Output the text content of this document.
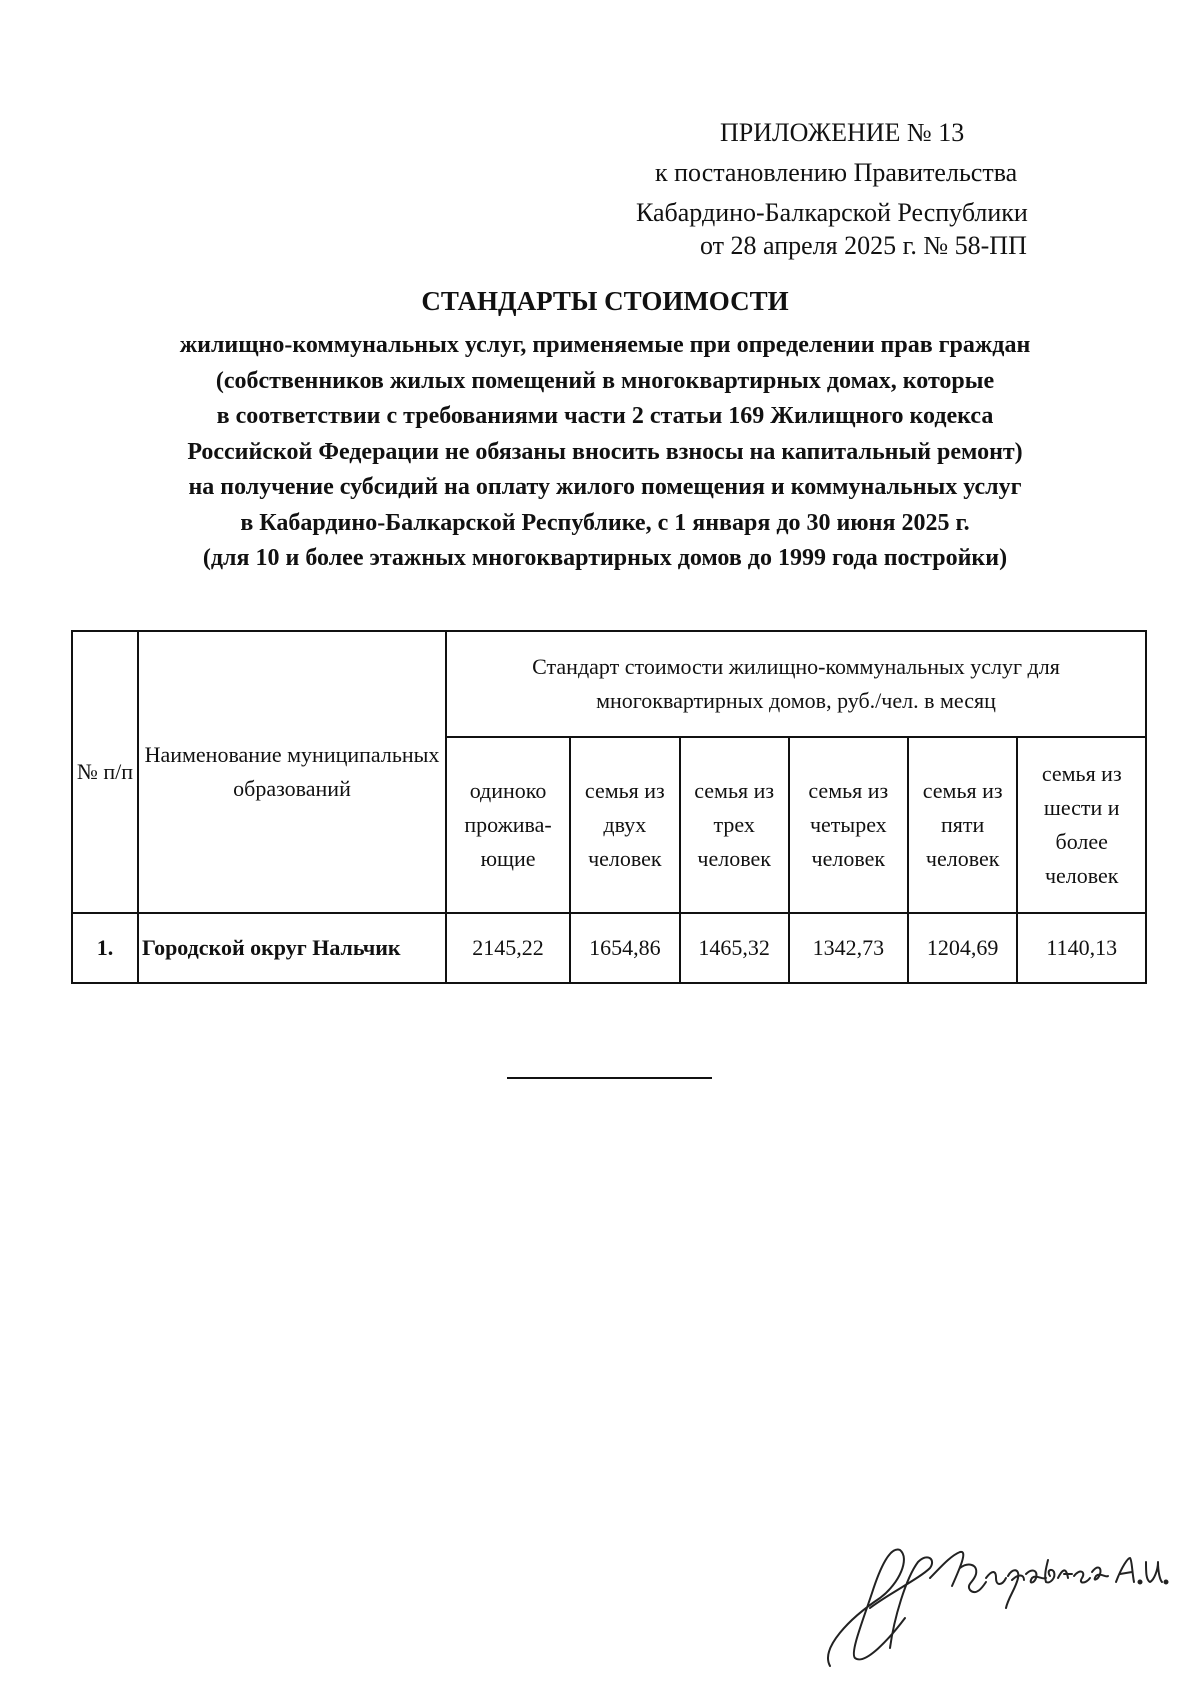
ПРИЛОЖЕНИЕ № 13
к постановлению Правительства
Кабардино-Балкарской Республики
от 28 апреля 2025 г. № 58-ПП
СТАНДАРТЫ СТОИМОСТИ
жилищно-коммунальных услуг, применяемые при определении прав граждан
(собственников жилых помещений в многоквартирных домах, которые
в соответствии с требованиями части 2 статьи 169 Жилищного кодекса
Российской Федерации не обязаны вносить взносы на капитальный ремонт)
на получение субсидий на оплату жилого помещения и коммунальных услуг
в Кабардино-Балкарской Республике, с 1 января до 30 июня 2025 г.
(для 10 и более этажных многоквартирных домов до 1999 года постройки)
№ п/п	Наименование муниципальных образований	Стандарт стоимости жилищно-коммунальных услуг для многоквартирных домов, руб./чел. в месяц					
		одиноко прожива-ющие	семья из двух человек	семья из трех человек	семья из четырех человек	семья из пяти человек	семья из шести и более человек
1.	Городской округ Нальчик	2145,22	1654,86	1465,32	1342,73	1204,69	1140,13
